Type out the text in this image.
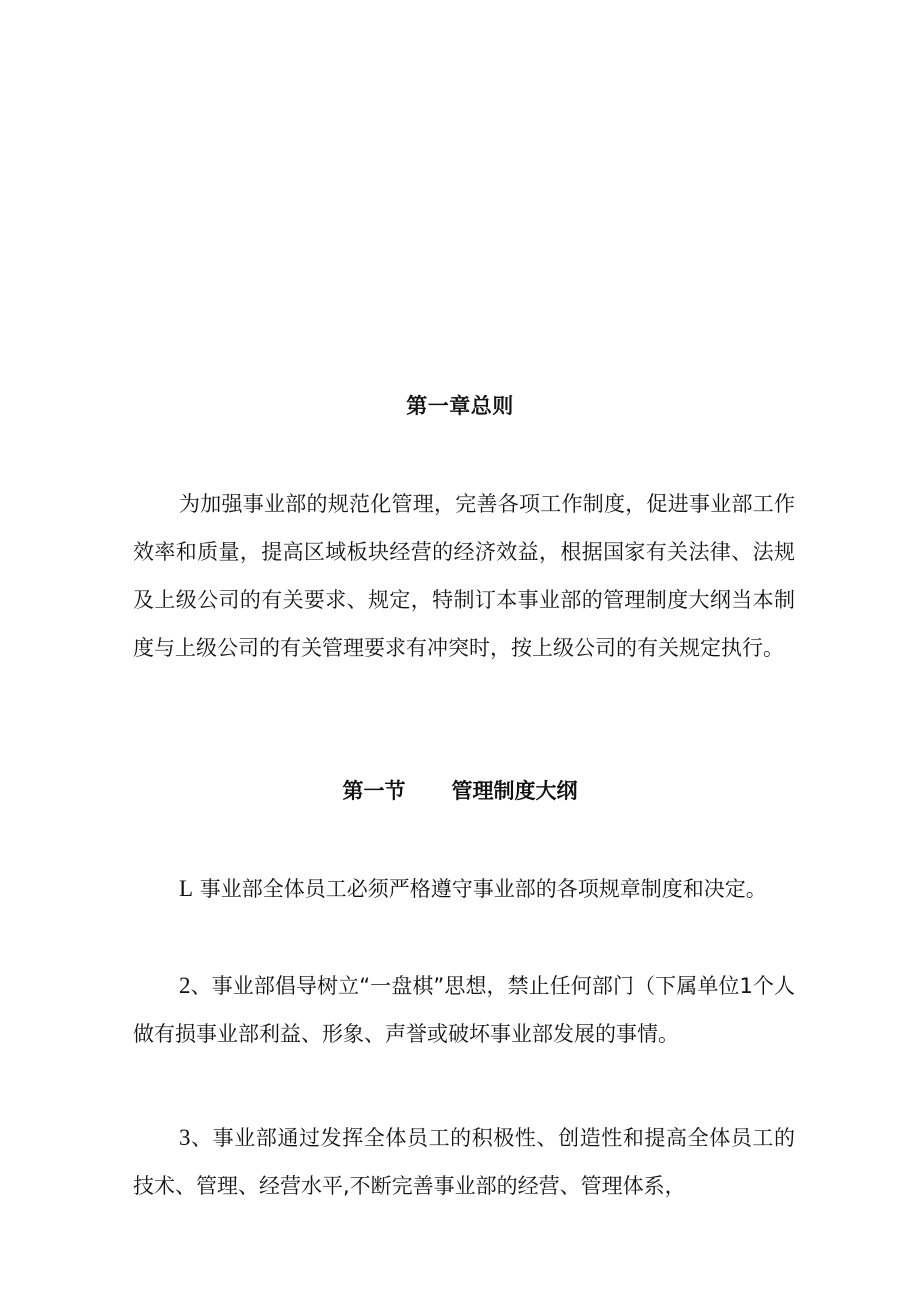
第一章总则

为加强事业部的规范化管理，完善各项工作制度，促进事业部工作效率和质量，提高区域板块经营的经济效益，根据国家有关法律、法规及上级公司的有关要求、规定，特制订本事业部的管理制度大纲当本制度与上级公司的有关管理要求有冲突时，按上级公司的有关规定执行。

第一节 管理制度大纲

L 事业部全体员工必须严格遵守事业部的各项规章制度和决定。

2、事业部倡导树立“一盘棋”思想，禁止任何部门（下属单位1个人做有损事业部利益、形象、声誉或破坏事业部发展的事情。

3、事业部通过发挥全体员工的积极性、创造性和提高全体员工的技术、管理、经营水平,不断完善事业部的经营、管理体系，
